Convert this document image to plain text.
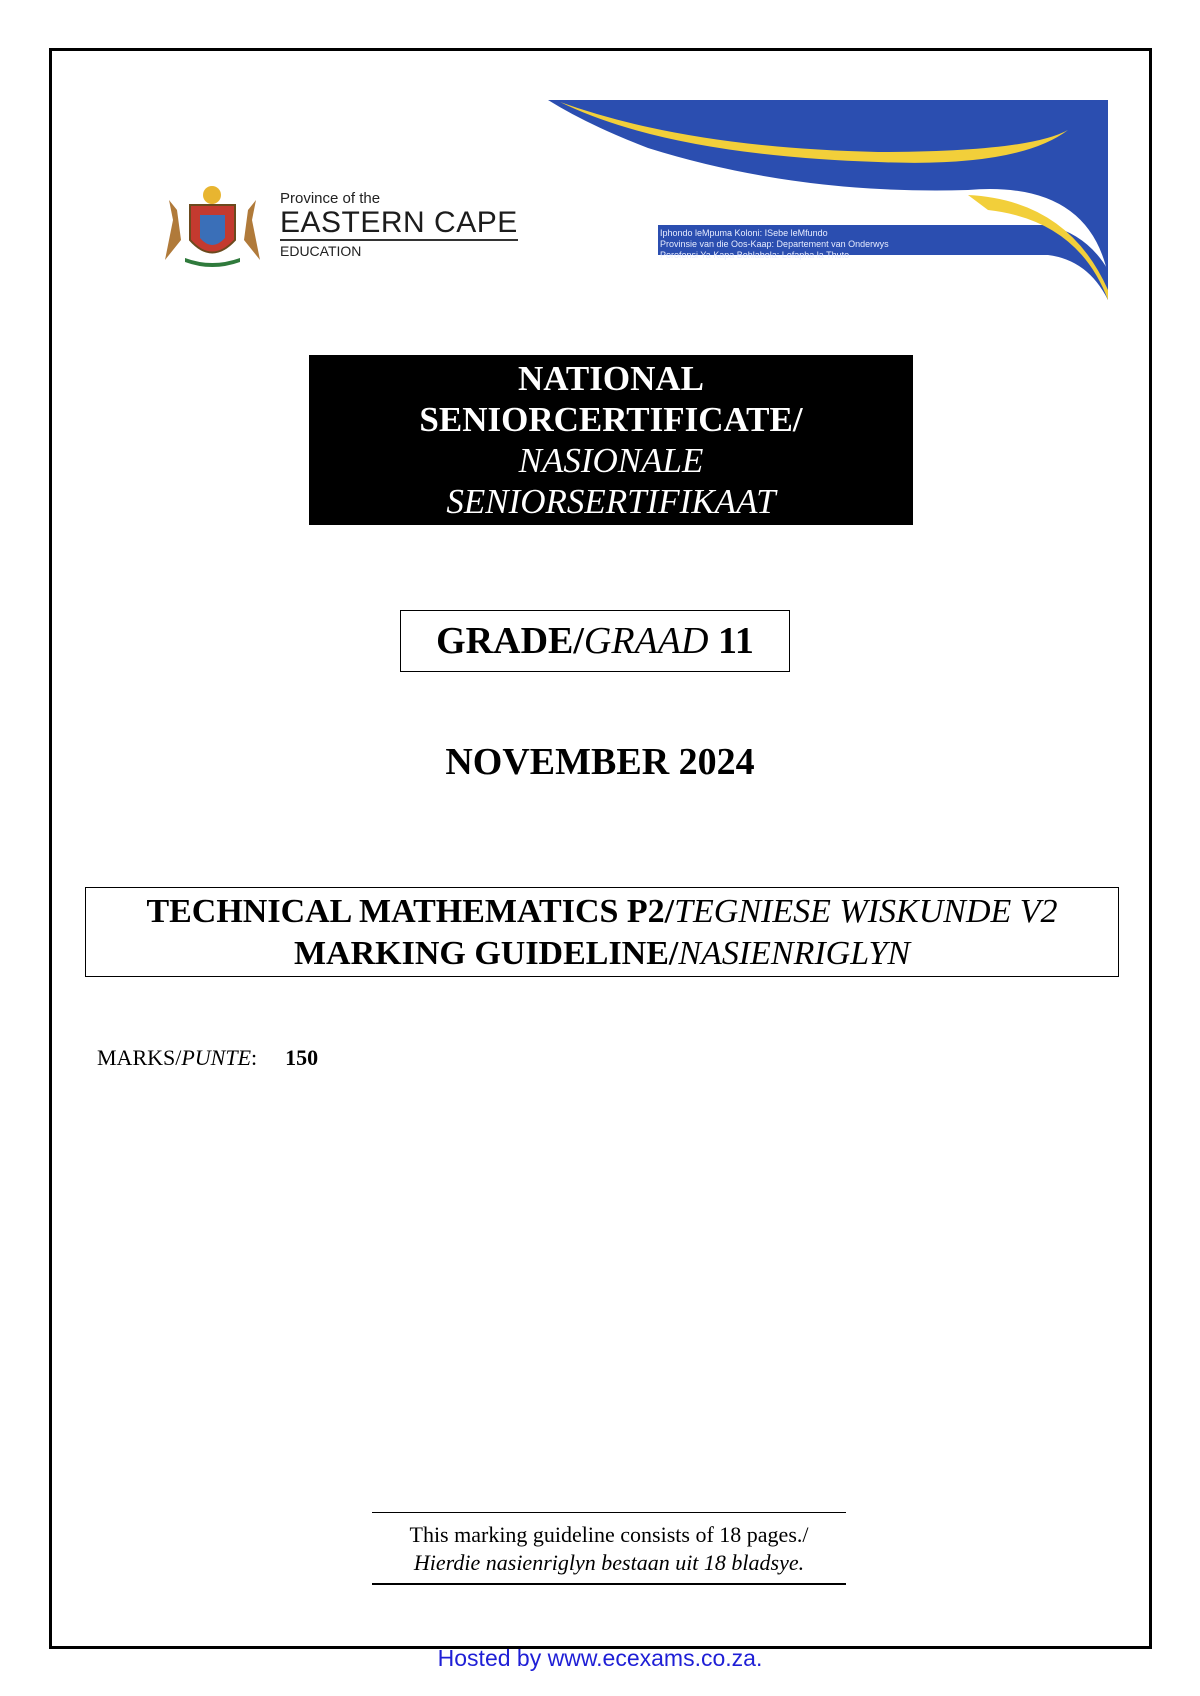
Province of the
EASTERN CAPE
EDUCATION
Iphondo leMpuma Koloni: ISebe leMfundo
Provinsie van die Oos-Kaap: Departement van Onderwys
Porofensi Ya Kapa Bohlabela: Lefapha la Thuto
NATIONAL
SENIORCERTIFICATE/
NASIONALE
SENIORSERTIFIKAAT
GRADE/GRAAD 11
NOVEMBER 2024
TECHNICAL MATHEMATICS P2/TEGNIESE WISKUNDE V2
MARKING GUIDELINE/NASIENRIGLYN
MARKS/PUNTE: 150
This marking guideline consists of 18 pages./
Hierdie nasienriglyn bestaan uit 18 bladsye.
Hosted by www.ecexams.co.za.
